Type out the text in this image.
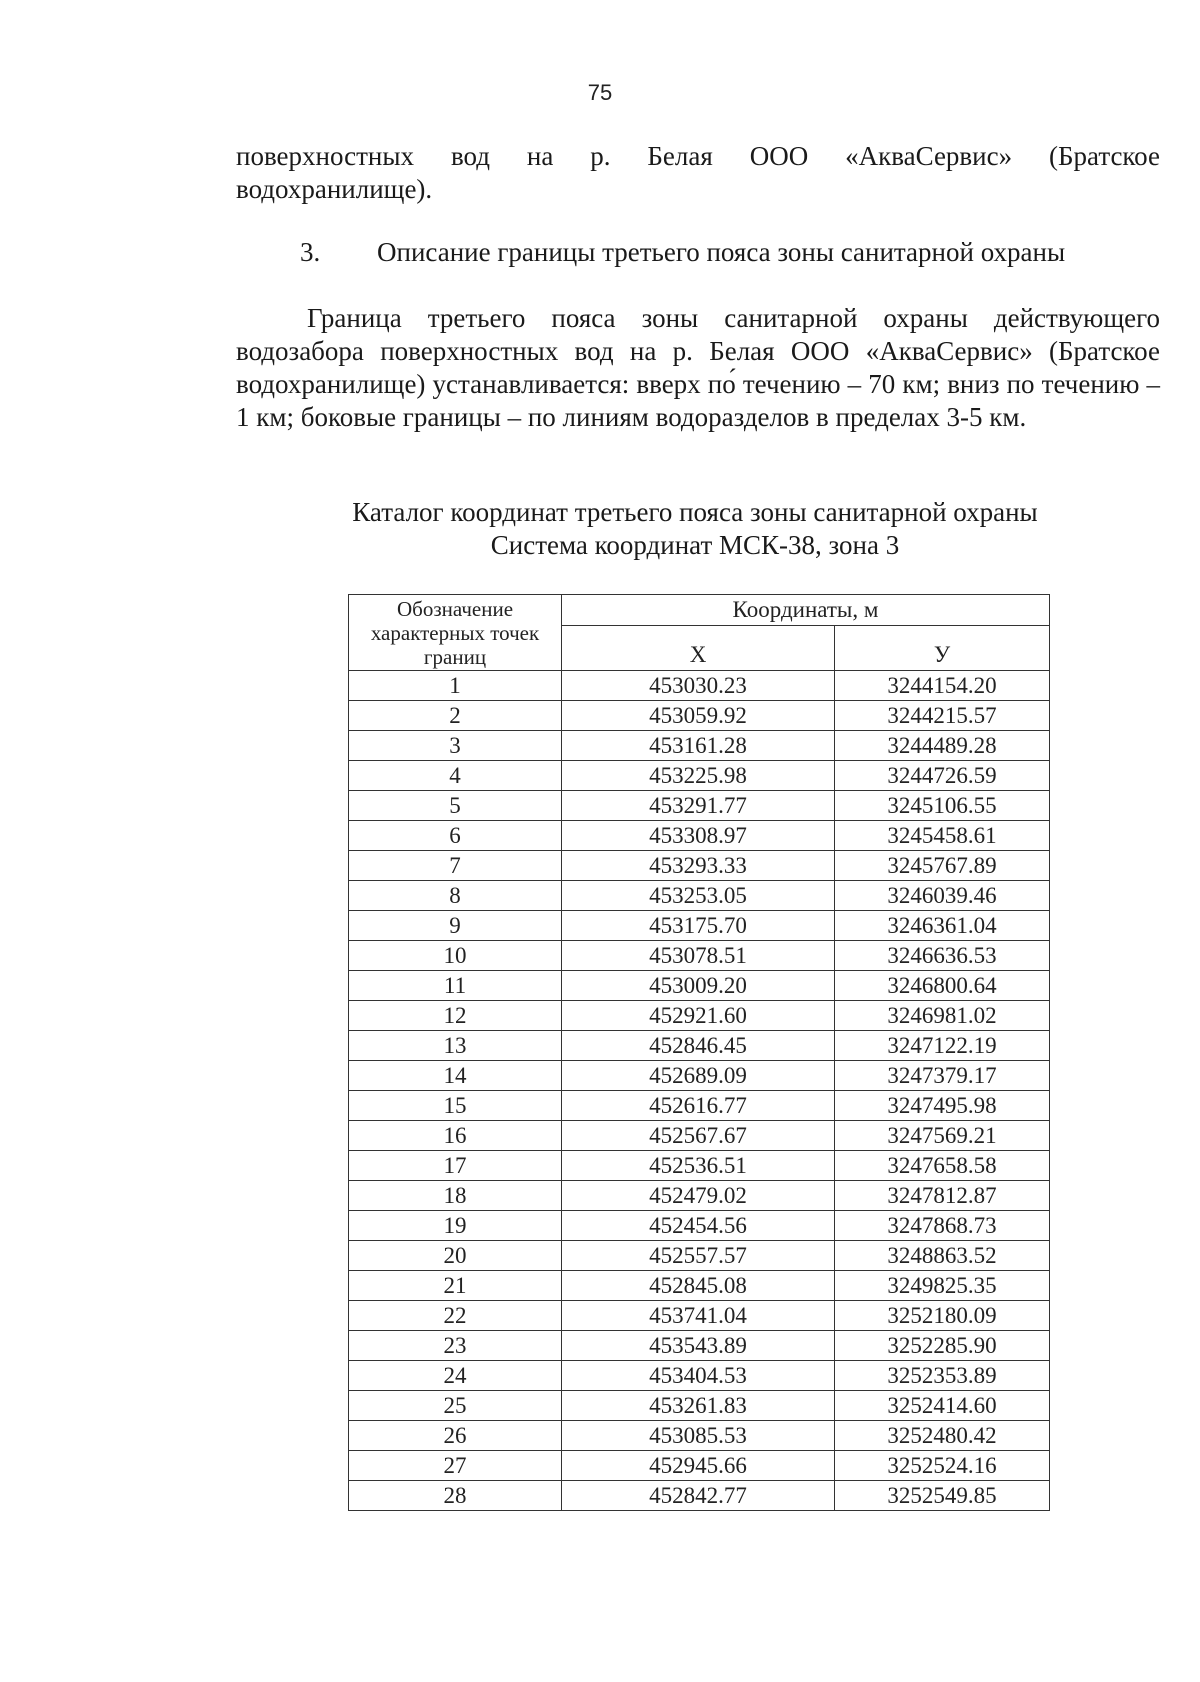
75
поверхностных вод на р. Белая ООО «АкваСервис» (Братское
водохранилище).
3. Описание границы третьего пояса зоны санитарной охраны
Граница третьего пояса зоны санитарной охраны действующего водозабора поверхностных вод на р. Белая ООО «АкваСервис» (Братское водохранилище) устанавливается: вверх по́ течению – 70 км; вниз по течению – 1 км; боковые границы – по линиям водоразделов в пределах 3-5 км.
Каталог координат третьего пояса зоны санитарной охраны
Система координат МСК-38, зона 3
Обозначение характерных точек границ	Координаты, м	
	Х	У
1	453030.23	3244154.20
2	453059.92	3244215.57
3	453161.28	3244489.28
4	453225.98	3244726.59
5	453291.77	3245106.55
6	453308.97	3245458.61
7	453293.33	3245767.89
8	453253.05	3246039.46
9	453175.70	3246361.04
10	453078.51	3246636.53
11	453009.20	3246800.64
12	452921.60	3246981.02
13	452846.45	3247122.19
14	452689.09	3247379.17
15	452616.77	3247495.98
16	452567.67	3247569.21
17	452536.51	3247658.58
18	452479.02	3247812.87
19	452454.56	3247868.73
20	452557.57	3248863.52
21	452845.08	3249825.35
22	453741.04	3252180.09
23	453543.89	3252285.90
24	453404.53	3252353.89
25	453261.83	3252414.60
26	453085.53	3252480.42
27	452945.66	3252524.16
28	452842.77	3252549.85
